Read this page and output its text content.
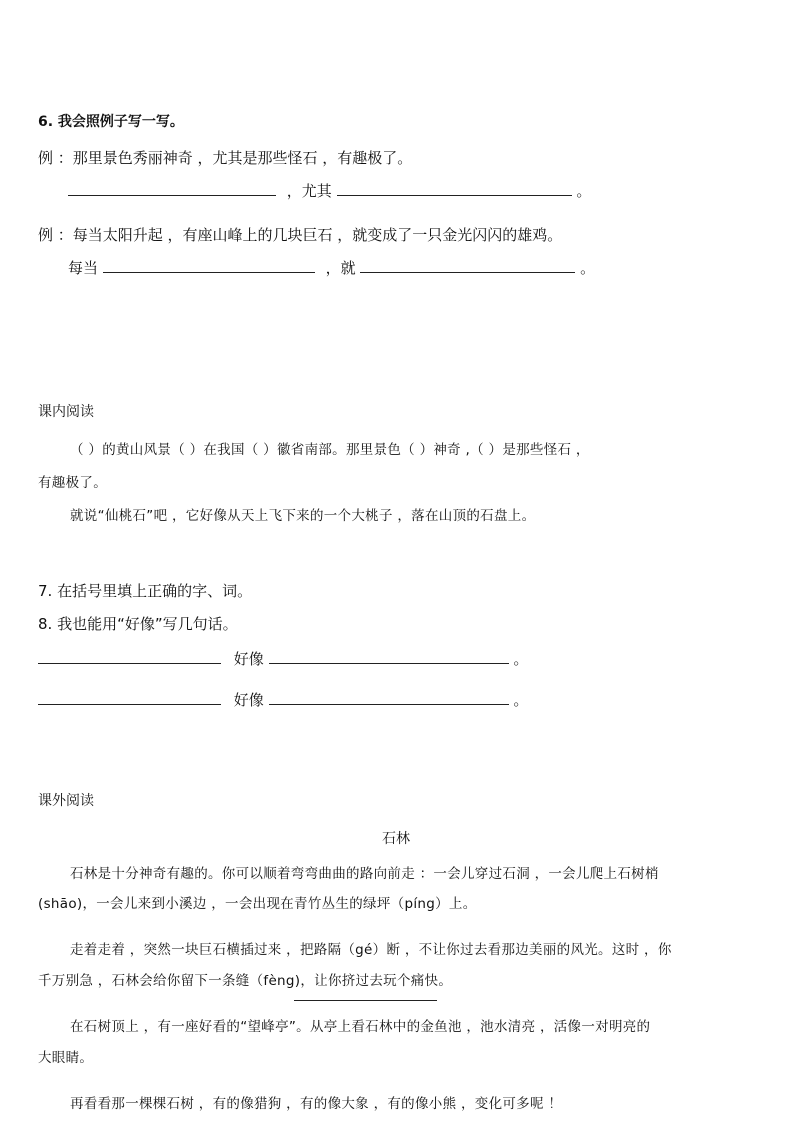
6. 我会照例子写一写。
例 ：那里景色秀丽神奇 ，尤其是那些怪石 ，有趣极了。
，尤其	。
例 ：每当太阳升起 ，有座山峰上的几块巨石 ，就变成了一只金光闪闪的雄鸡。
每当	，就	。
课内阅读
（ ）的黄山风景（ ）在我国（ ）徽省南部。那里景色（ ）神奇 ,（ ）是那些怪石 ，
有趣极了。
就说“仙桃石”吧 ，它好像从天上飞下来的一个大桃子 ，落在山顶的石盘上。
7. 在括号里填上正确的字、词。
8. 我也能用“好像”写几句话。
好像	。
好像	。
课外阅读
石林
石林是十分神奇有趣的。你可以顺着弯弯曲曲的路向前走 ：一会儿穿过石洞 ，一会儿爬上石树梢
(shāo)，一会儿来到小溪边 ，一会出现在青竹丛生的绿坪（píng）上。
走着走着 ，突然一块巨石横插过来 ，把路隔（gé）断 ，不让你过去看那边美丽的风光。这时 ，你
千万别急 ，石林会给你留下一条缝（fèng)，让你挤过去玩个痛快。
在石树顶上 ，有一座好看的“望峰亭”。从亭上看石林中的金鱼池 ，池水清亮 ，活像一对明亮的
大眼睛。
再看看那一棵棵石树 ，有的像猎狗 ，有的像大象 ，有的像小熊 ，变化可多呢 ！
